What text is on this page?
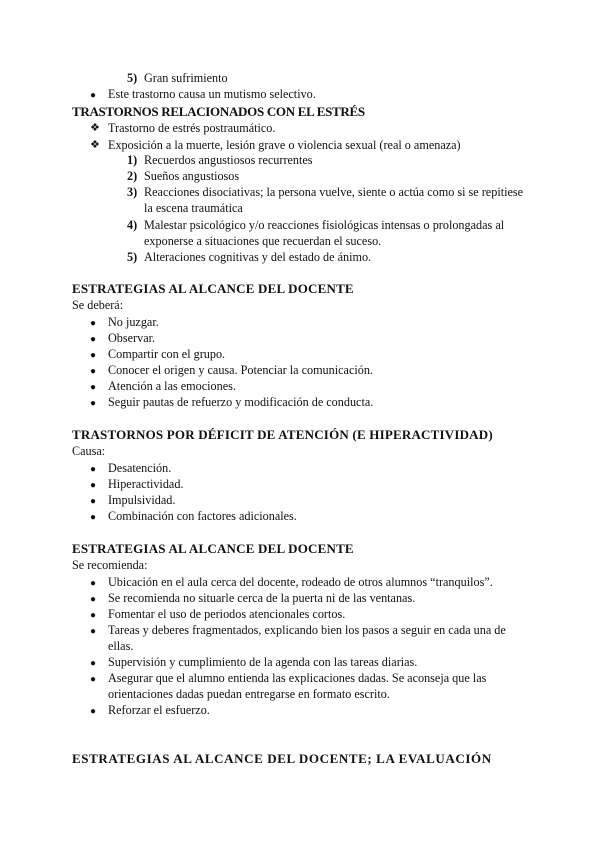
5) Gran sufrimiento
● Este trastorno causa un mutismo selectivo.
TRASTORNOS RELACIONADOS CON EL ESTRÉS
❖ Trastorno de estrés postraumático.
❖ Exposición a la muerte, lesión grave o violencia sexual (real o amenaza)
1) Recuerdos angustiosos recurrentes
2) Sueños angustiosos
3) Reacciones disociativas; la persona vuelve, siente o actúa como si se repitiese
la escena traumática
4) Malestar psicológico y/o reacciones fisiológicas intensas o prolongadas al
exponerse a situaciones que recuerdan el suceso.
5) Alteraciones cognitivas y del estado de ánimo.
ESTRATEGIAS AL ALCANCE DEL DOCENTE
Se deberá:
● No juzgar.
● Observar.
● Compartir con el grupo.
● Conocer el origen y causa. Potenciar la comunicación.
● Atención a las emociones.
● Seguir pautas de refuerzo y modificación de conducta.
TRASTORNOS POR DÉFICIT DE ATENCIÓN (E HIPERACTIVIDAD)
Causa:
● Desatención.
● Hiperactividad.
● Impulsividad.
● Combinación con factores adicionales.
ESTRATEGIAS AL ALCANCE DEL DOCENTE
Se recomienda:
● Ubicación en el aula cerca del docente, rodeado de otros alumnos “tranquilos”.
● Se recomienda no situarle cerca de la puerta ni de las ventanas.
● Fomentar el uso de periodos atencionales cortos.
● Tareas y deberes fragmentados, explicando bien los pasos a seguir en cada una de
ellas.
● Supervisión y cumplimiento de la agenda con las tareas diarias.
● Asegurar que el alumno entienda las explicaciones dadas. Se aconseja que las
orientaciones dadas puedan entregarse en formato escrito.
● Reforzar el esfuerzo.
ESTRATEGIAS AL ALCANCE DEL DOCENTE; LA EVALUACIÓN
